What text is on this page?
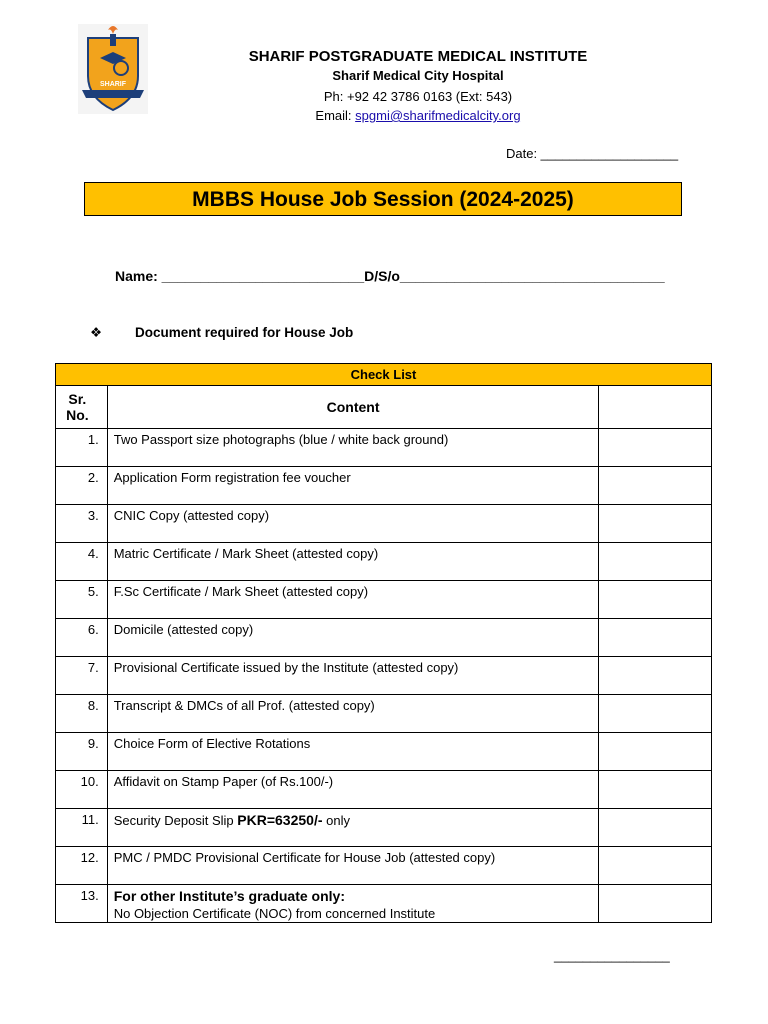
SHARIF
SHARIF POSTGRADUATE MEDICAL INSTITUTE
Sharif Medical City Hospital
Ph: +92 42 3786 0163 (Ext: 543)
Email: spgmi@sharifmedicalcity.org
Date: ___________________
MBBS House Job Session (2024-2025)
Name: __________________________D/S/o__________________________________
❖ Document required for House Job
Check List		
Sr. No.	Content	
1.	Two Passport size photographs (blue / white back ground)	
2.	Application Form registration fee voucher	
3.	CNIC Copy (attested copy)	
4.	Matric Certificate / Mark Sheet (attested copy)	
5.	F.Sc Certificate / Mark Sheet (attested copy)	
6.	Domicile (attested copy)	
7.	Provisional Certificate issued by the Institute (attested copy)	
8.	Transcript & DMCs of all Prof. (attested copy)	
9.	Choice Form of Elective Rotations	
10.	Affidavit on Stamp Paper (of Rs.100/-)	
11.	Security Deposit Slip PKR=63250/- only	
12.	PMC / PMDC Provisional Certificate for House Job (attested copy)	
13.	For other Institute’s graduate only:
No Objection Certificate (NOC) from concerned Institute	
________________
